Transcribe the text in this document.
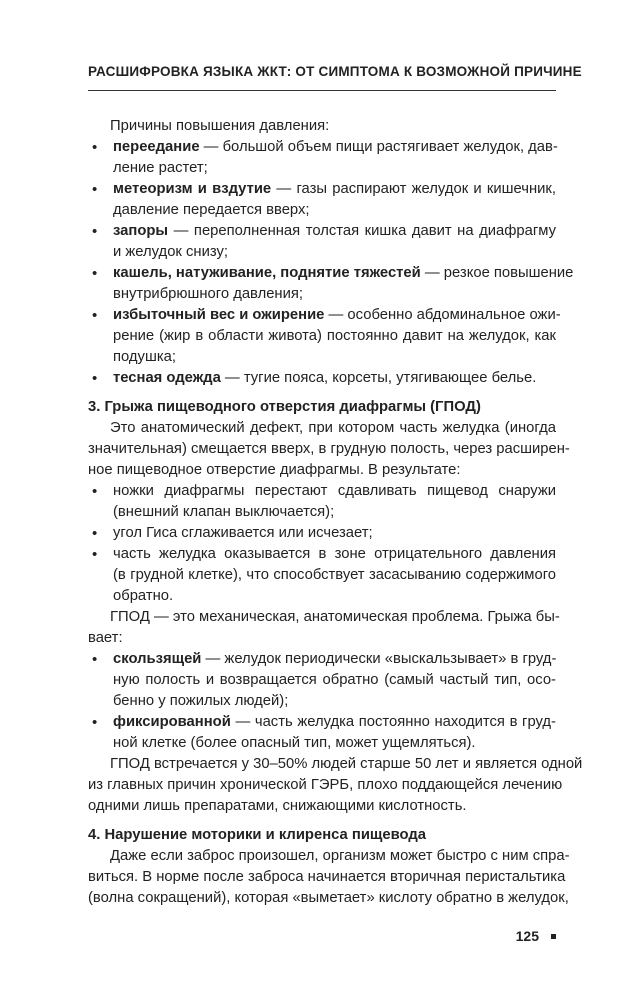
РАСШИФРОВКА ЯЗЫКА ЖКТ: ОТ СИМПТОМА К ВОЗМОЖНОЙ ПРИЧИНЕ
Причины повышения давления:
• переедание — большой объем пищи растягивает желудок, дав-
ление растет;
• метеоризм и вздутие — газы распирают желудок и кишечник,
давление передается вверх;
• запоры — переполненная толстая кишка давит на диафрагму
и желудок снизу;
• кашель, натуживание, поднятие тяжестей — резкое повышение
внутрибрюшного давления;
• избыточный вес и ожирение — особенно абдоминальное ожи-
рение (жир в области живота) постоянно давит на желудок, как
подушка;
• тесная одежда — тугие пояса, корсеты, утягивающее белье.
3. Грыжа пищеводного отверстия диафрагмы (ГПОД)
Это анатомический дефект, при котором часть желудка (иногда
значительная) смещается вверх, в грудную полость, через расширен-
ное пищеводное отверстие диафрагмы. В результате:
• ножки диафрагмы перестают сдавливать пищевод снаружи
(внешний клапан выключается);
• угол Гиса сглаживается или исчезает;
• часть желудка оказывается в зоне отрицательного давления
(в грудной клетке), что способствует засасыванию содержимого
обратно.
ГПОД — это механическая, анатомическая проблема. Грыжа бы-
вает:
• скользящей — желудок периодически «выскальзывает» в груд-
ную полость и возвращается обратно (самый частый тип, осо-
бенно у пожилых людей);
• фиксированной — часть желудка постоянно находится в груд-
ной клетке (более опасный тип, может ущемляться).
ГПОД встречается у 30–50% людей старше 50 лет и является одной
из главных причин хронической ГЭРБ, плохо поддающейся лечению
одними лишь препаратами, снижающими кислотность.
4. Нарушение моторики и клиренса пищевода
Даже если заброс произошел, организм может быстро с ним спра-
виться. В норме после заброса начинается вторичная перистальтика
(волна сокращений), которая «выметает» кислоту обратно в желудок,
125
